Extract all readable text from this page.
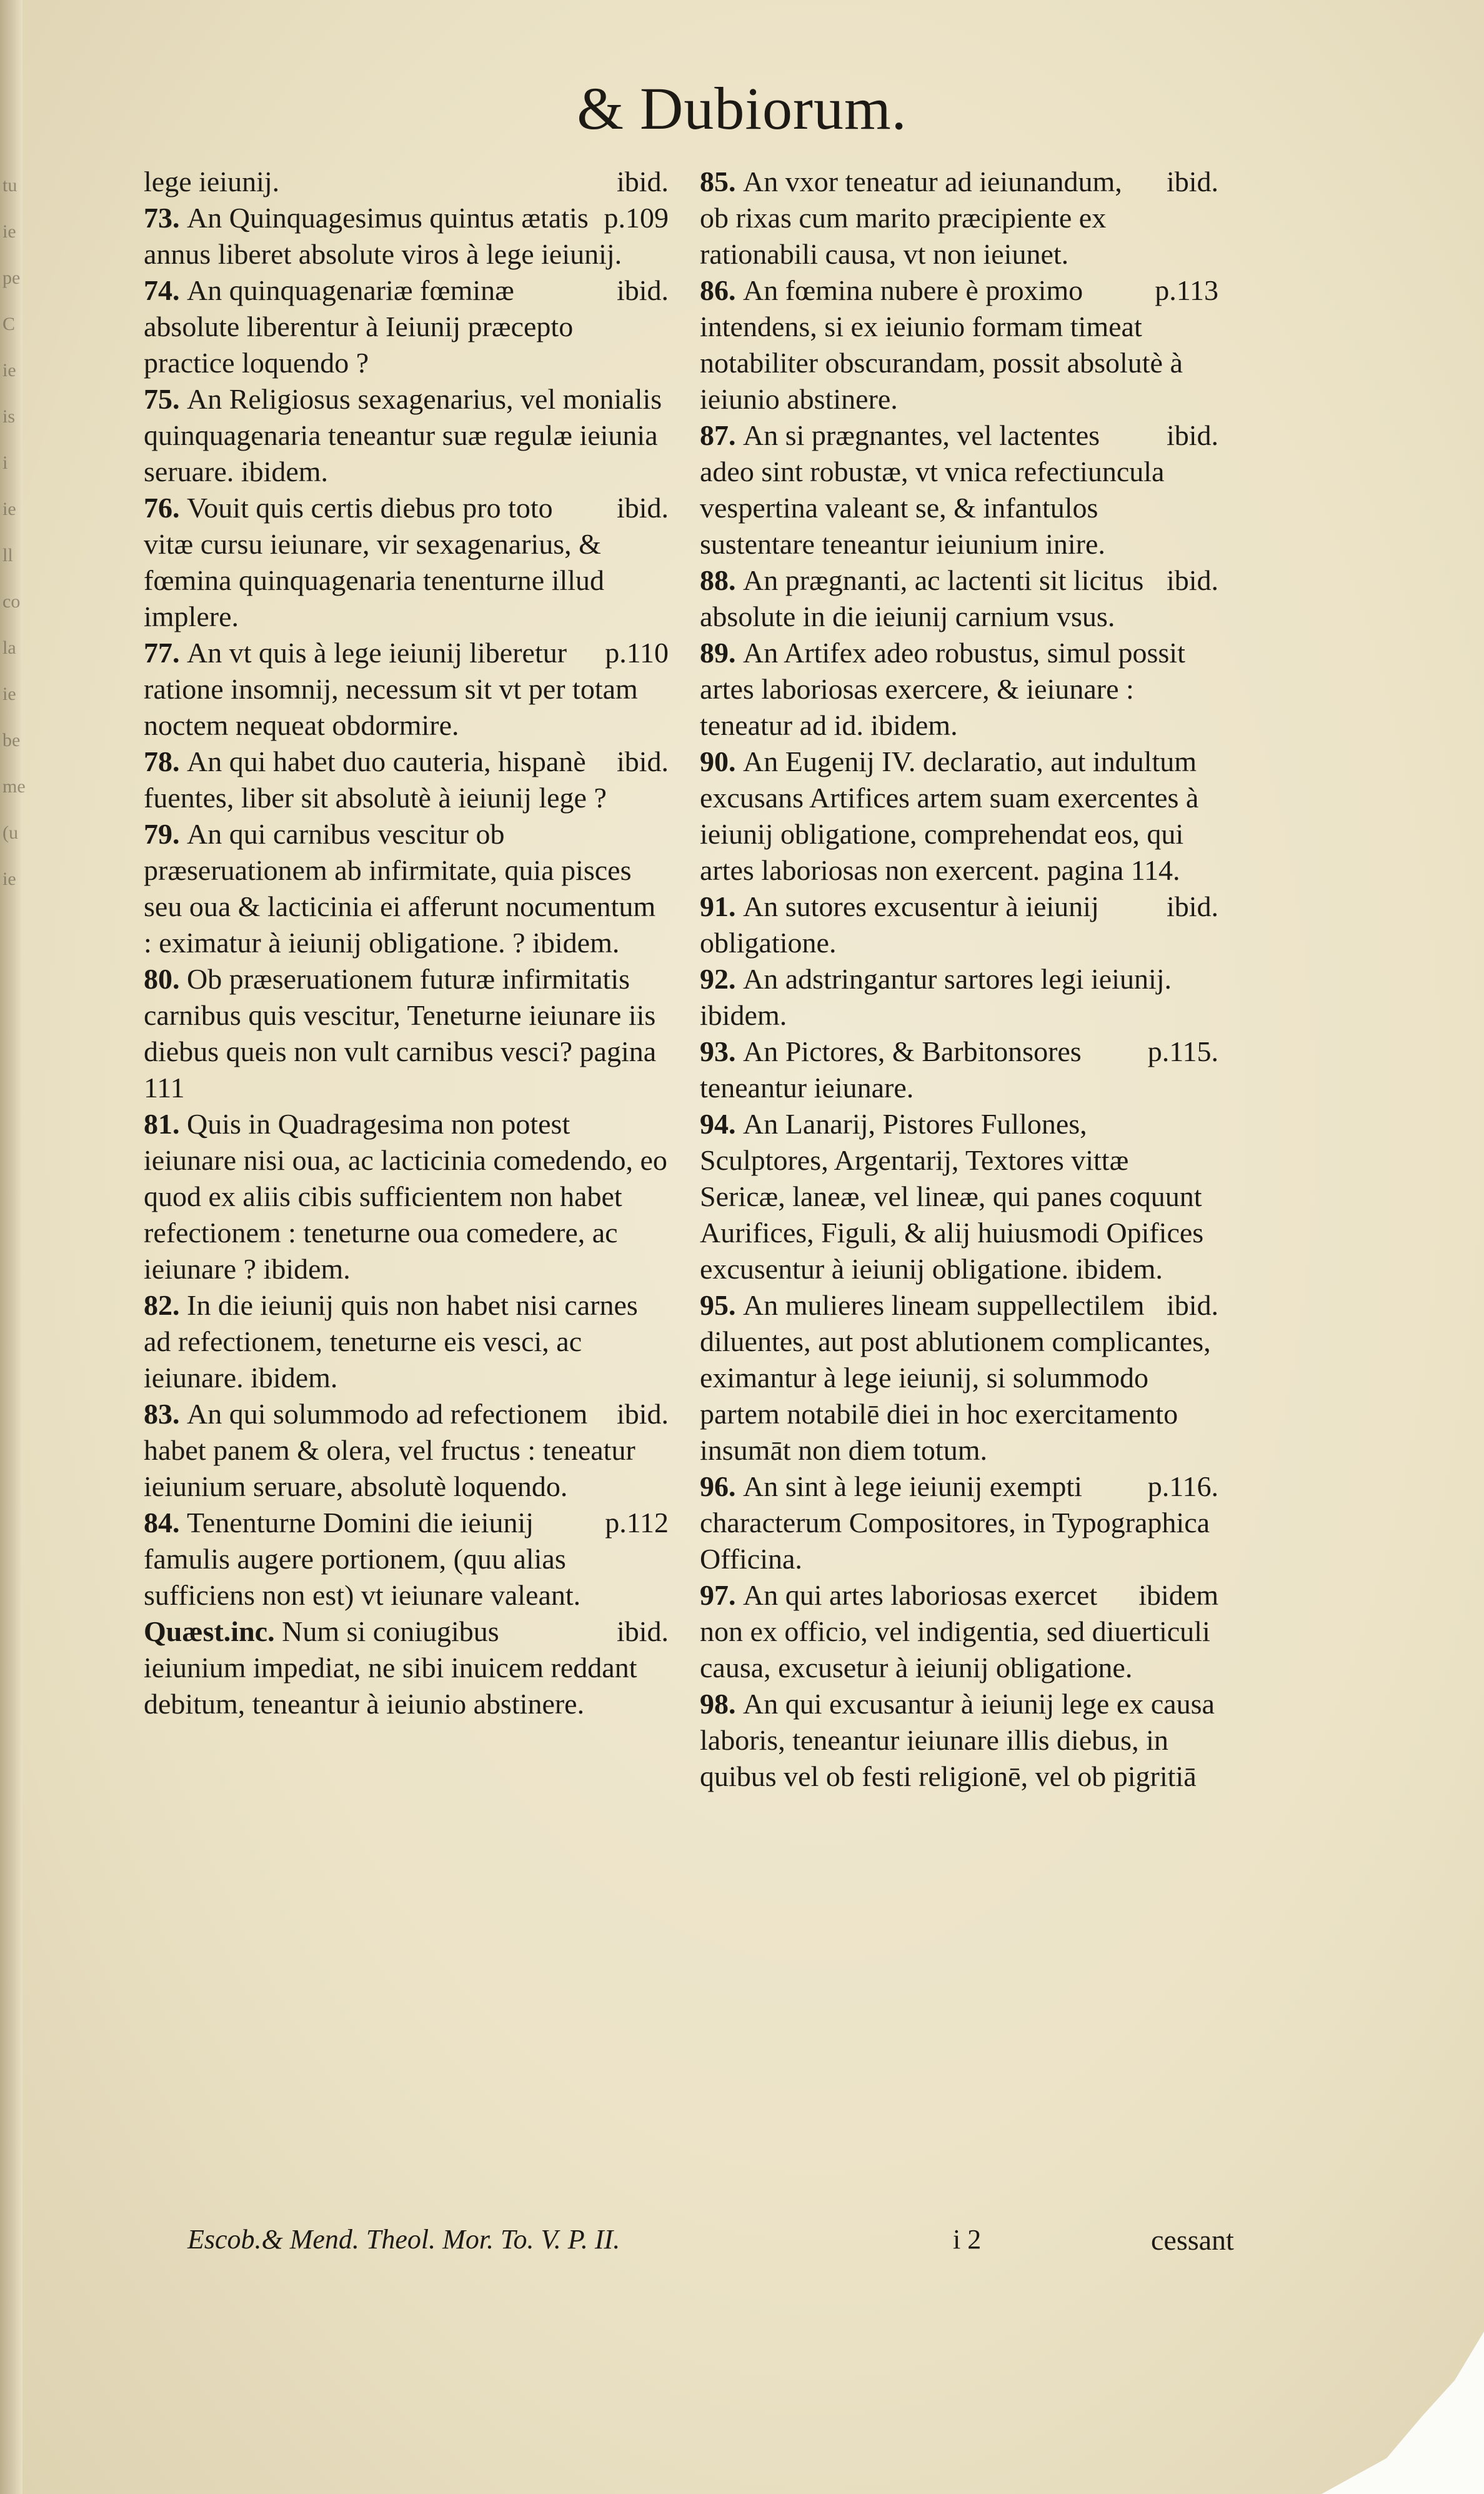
tu
ie
pe
C
ie
is
i
ie
ll
co
la
ie
be
me
(u
ie
& Dubiorum.

ibid.
lege ieiunij.

p.109
73. An Quinquagesimus quintus ætatis annus liberet absolute viros à lege ieiunij.

ibid.
74. An quinquagenariæ fœminæ absolute liberentur à Ieiunij præcepto practice loquendo ?

75. An Religiosus sexagenarius, vel monialis quinquagenaria teneantur suæ regulæ ieiunia seruare. ibidem.

ibid.
76. Vouit quis certis diebus pro toto vitæ cursu ieiunare, vir sexagenarius, & fœmina quinquagenaria tenenturne illud implere.

p.110
77. An vt quis à lege ieiunij liberetur ratione insomnij, necessum sit vt per totam noctem nequeat obdormire.

ibid.
78. An qui habet duo cauteria, hispanè fuentes, liber sit absolutè à ieiunij lege ?

79. An qui carnibus vescitur ob præseruationem ab infirmitate, quia pisces seu oua & lacticinia ei afferunt nocumentum : eximatur à ieiunij obligatione. ? ibidem.

80. Ob præseruationem futuræ infirmitatis carnibus quis vescitur, Teneturne ieiunare iis diebus queis non vult carnibus vesci? pagina 111

81. Quis in Quadragesima non potest ieiunare nisi oua, ac lacticinia comedendo, eo quod ex aliis cibis sufficientem non habet refectionem : teneturne oua comedere, ac ieiunare ? ibidem.

82. In die ieiunij quis non habet nisi carnes ad refectionem, teneturne eis vesci, ac ieiunare. ibidem.

ibid.
83. An qui solummodo ad refectionem habet panem & olera, vel fructus : teneatur ieiunium seruare, absolutè loquendo.

p.112
84. Tenenturne Domini die ieiunij famulis augere portionem, (quu alias sufficiens non est) vt ieiunare valeant.

ibid.
Quæst.inc. Num si coniugibus ieiunium impediat, ne sibi inuicem reddant debitum, teneantur à ieiunio abstinere.

ibid.
85. An vxor teneatur ad ieiunandum, ob rixas cum marito præcipiente ex rationabili causa, vt non ieiunet.

p.113
86. An fœmina nubere è proximo intendens, si ex ieiunio formam timeat notabiliter obscurandam, possit absolutè à ieiunio abstinere.

ibid.
87. An si prægnantes, vel lactentes adeo sint robustæ, vt vnica refectiuncula vespertina valeant se, & infantulos sustentare teneantur ieiunium inire.

ibid.
88. An prægnanti, ac lactenti sit licitus absolute in die ieiunij carnium vsus.

89. An Artifex adeo robustus, simul possit artes laboriosas exercere, & ieiunare : teneatur ad id. ibidem.

90. An Eugenij IV. declaratio, aut indultum excusans Artifices artem suam exercentes à ieiunij obligatione, comprehendat eos, qui artes laboriosas non exercent. pagina 114.

ibid.
91. An sutores excusentur à ieiunij obligatione.

92. An adstringantur sartores legi ieiunij. ibidem.

p.115.
93. An Pictores, & Barbitonsores teneantur ieiunare.

94. An Lanarij, Pistores Fullones, Sculptores, Argentarij, Textores vittæ Sericæ, laneæ, vel lineæ, qui panes coquunt Aurifices, Figuli, & alij huiusmodi Opifices excusentur à ieiunij obligatione. ibidem.

ibid.
95. An mulieres lineam suppellectilem diluentes, aut post ablutionem complicantes, eximantur à lege ieiunij, si solummodo partem notabilē diei in hoc exercitamento insumāt non diem totum.

p.116.
96. An sint à lege ieiunij exempti characterum Compositores, in Typographica Officina.

ibidem
97. An qui artes laboriosas exercet non ex officio, vel indigentia, sed diuerticuli causa, excusetur à ieiunij obligatione.

98. An qui excusantur à ieiunij lege ex causa laboris, teneantur ieiunare illis diebus, in quibus vel ob festi religionē, vel ob pigritiā

Escob.& Mend. Theol. Mor. To. V. P. II.	i 2	cessant
